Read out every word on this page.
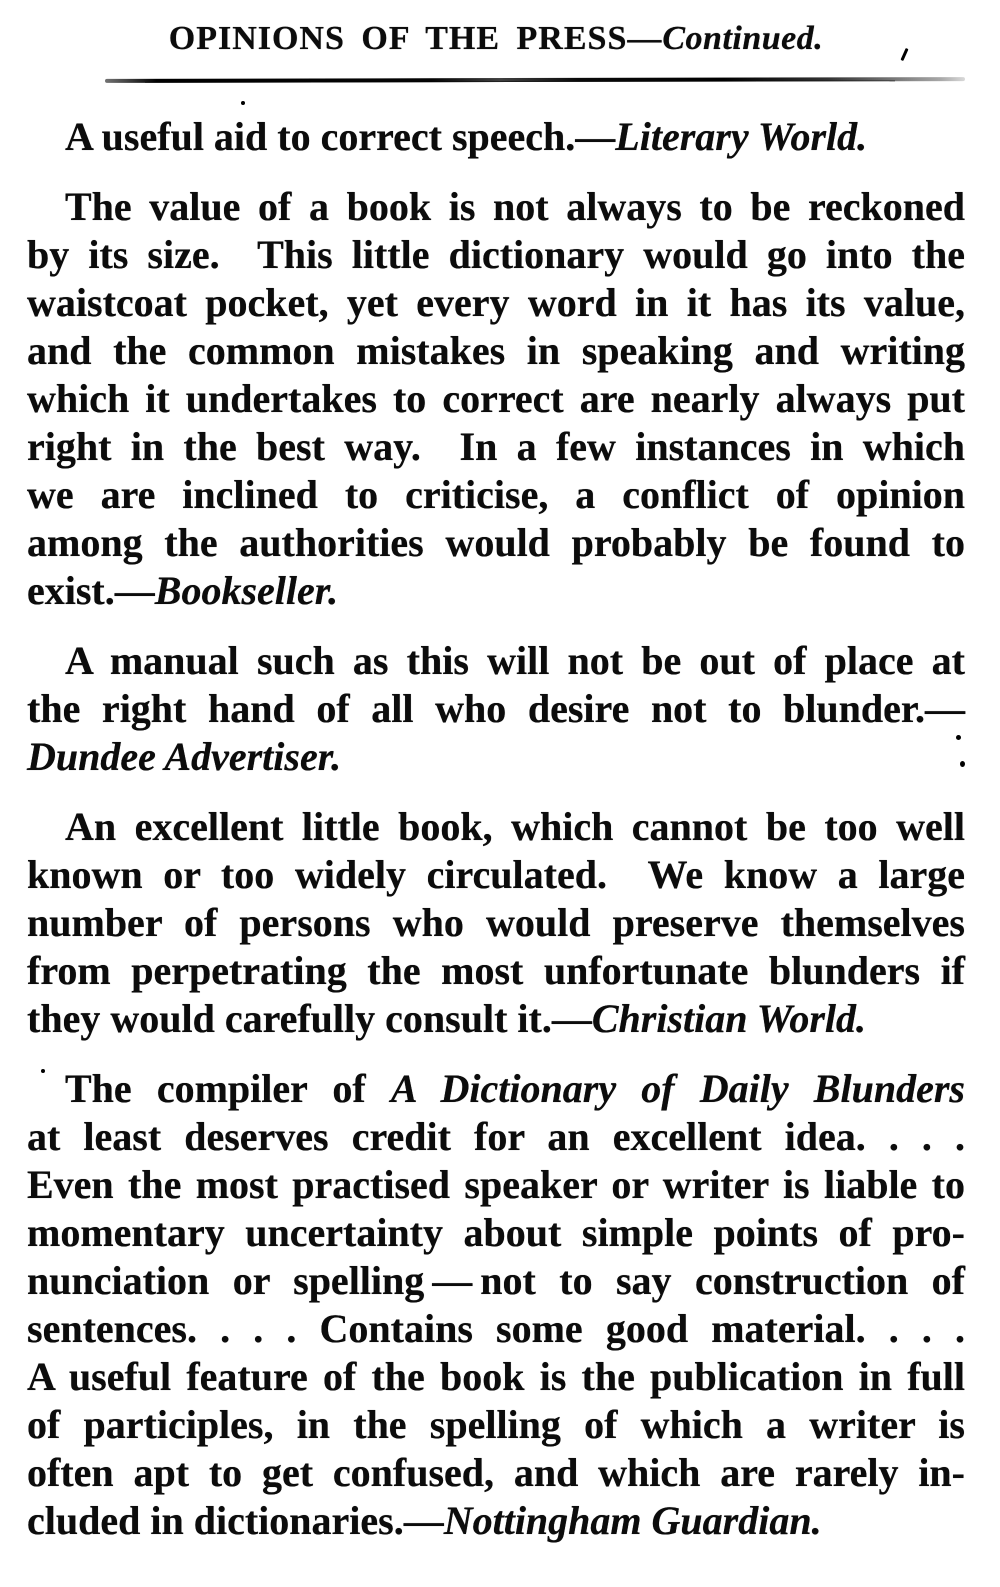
OPINIONS OF THE PRESS—Continued.
A useful aid to correct speech.—Literary World.
The value of a book is not always to be reckoned
by its size.  This little dictionary would go into the
waistcoat pocket, yet every word in it has its value,
and the common mistakes in speaking and writing
which it undertakes to correct are nearly always put
right in the best way.  In a few instances in which
we are inclined to criticise, a conflict of opinion
among the authorities would probably be found to
exist.—Bookseller.
A manual such as this will not be out of place at
the right hand of all who desire not to blunder.—
Dundee Advertiser.
An excellent little book, which cannot be too well
known or too widely circulated.  We know a large
number of persons who would preserve themselves
from perpetrating the most unfortunate blunders if
they would carefully consult it.—Christian World.
The compiler of A Dictionary of Daily Blunders
at least deserves credit for an excellent idea. . . .
Even the most practised speaker or writer is liable to
momentary uncertainty about simple points of pro-
nunciation or spelling — not to say construction of
sentences. . . . Contains some good material. . . .
A useful feature of the book is the publication in full
of participles, in the spelling of which a writer is
often apt to get confused, and which are rarely in-
cluded in dictionaries.—Nottingham Guardian.
